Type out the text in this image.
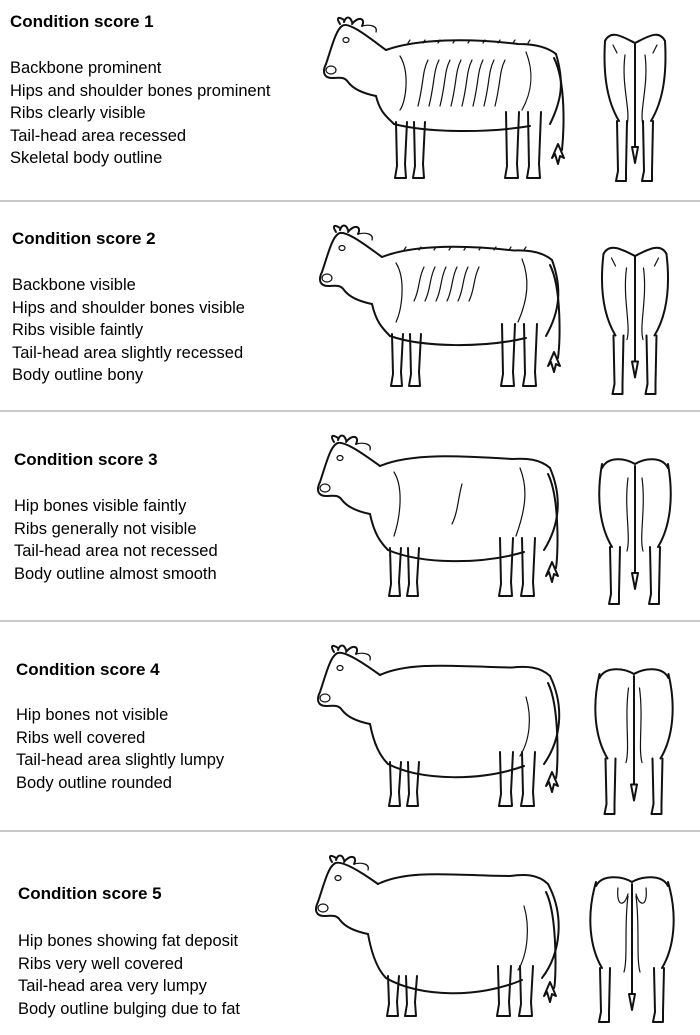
Condition score 1
Backbone prominent
Hips and shoulder bones prominent
Ribs clearly visible
Tail-head area recessed
Skeletal body outline
Condition score 2
Backbone visible
Hips and shoulder bones visible
Ribs visible faintly
Tail-head area slightly recessed
Body outline bony
Condition score 3
Hip bones visible faintly
Ribs generally not visible
Tail-head area not recessed
Body outline almost smooth
Condition score 4
Hip bones not visible
Ribs well covered
Tail-head area slightly lumpy
Body outline rounded
Condition score 5
Hip bones showing fat deposit
Ribs very well covered
Tail-head area very lumpy
Body outline bulging due to fat
